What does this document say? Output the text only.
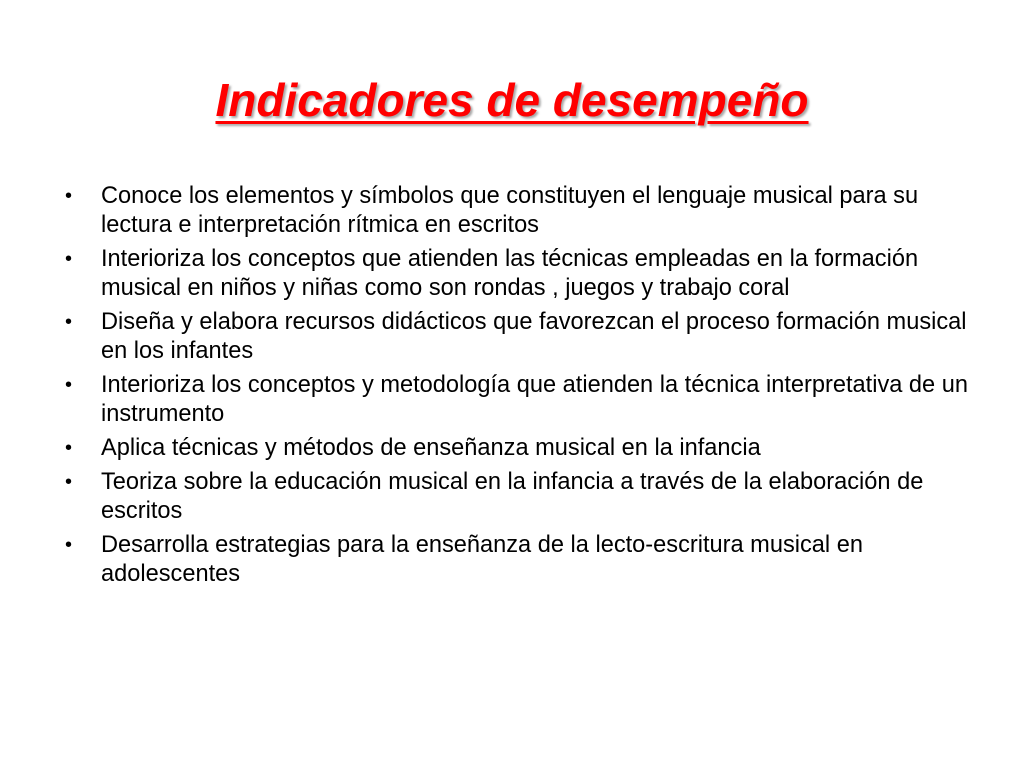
Indicadores de desempeño
•	Conoce los elementos y símbolos que constituyen el lenguaje musical para su lectura e interpretación rítmica en escritos
•	Interioriza los conceptos que atienden las técnicas empleadas en la formación musical en niños y niñas como son rondas , juegos y trabajo coral
•	Diseña y elabora recursos didácticos que favorezcan el proceso formación musical en los infantes
•	Interioriza los conceptos y metodología que atienden la técnica interpretativa de un instrumento
•	Aplica técnicas y métodos de enseñanza musical en la infancia
•	Teoriza sobre la educación musical en la infancia a través de la elaboración de escritos
•	Desarrolla estrategias para la enseñanza de la lecto-escritura musical en adolescentes
